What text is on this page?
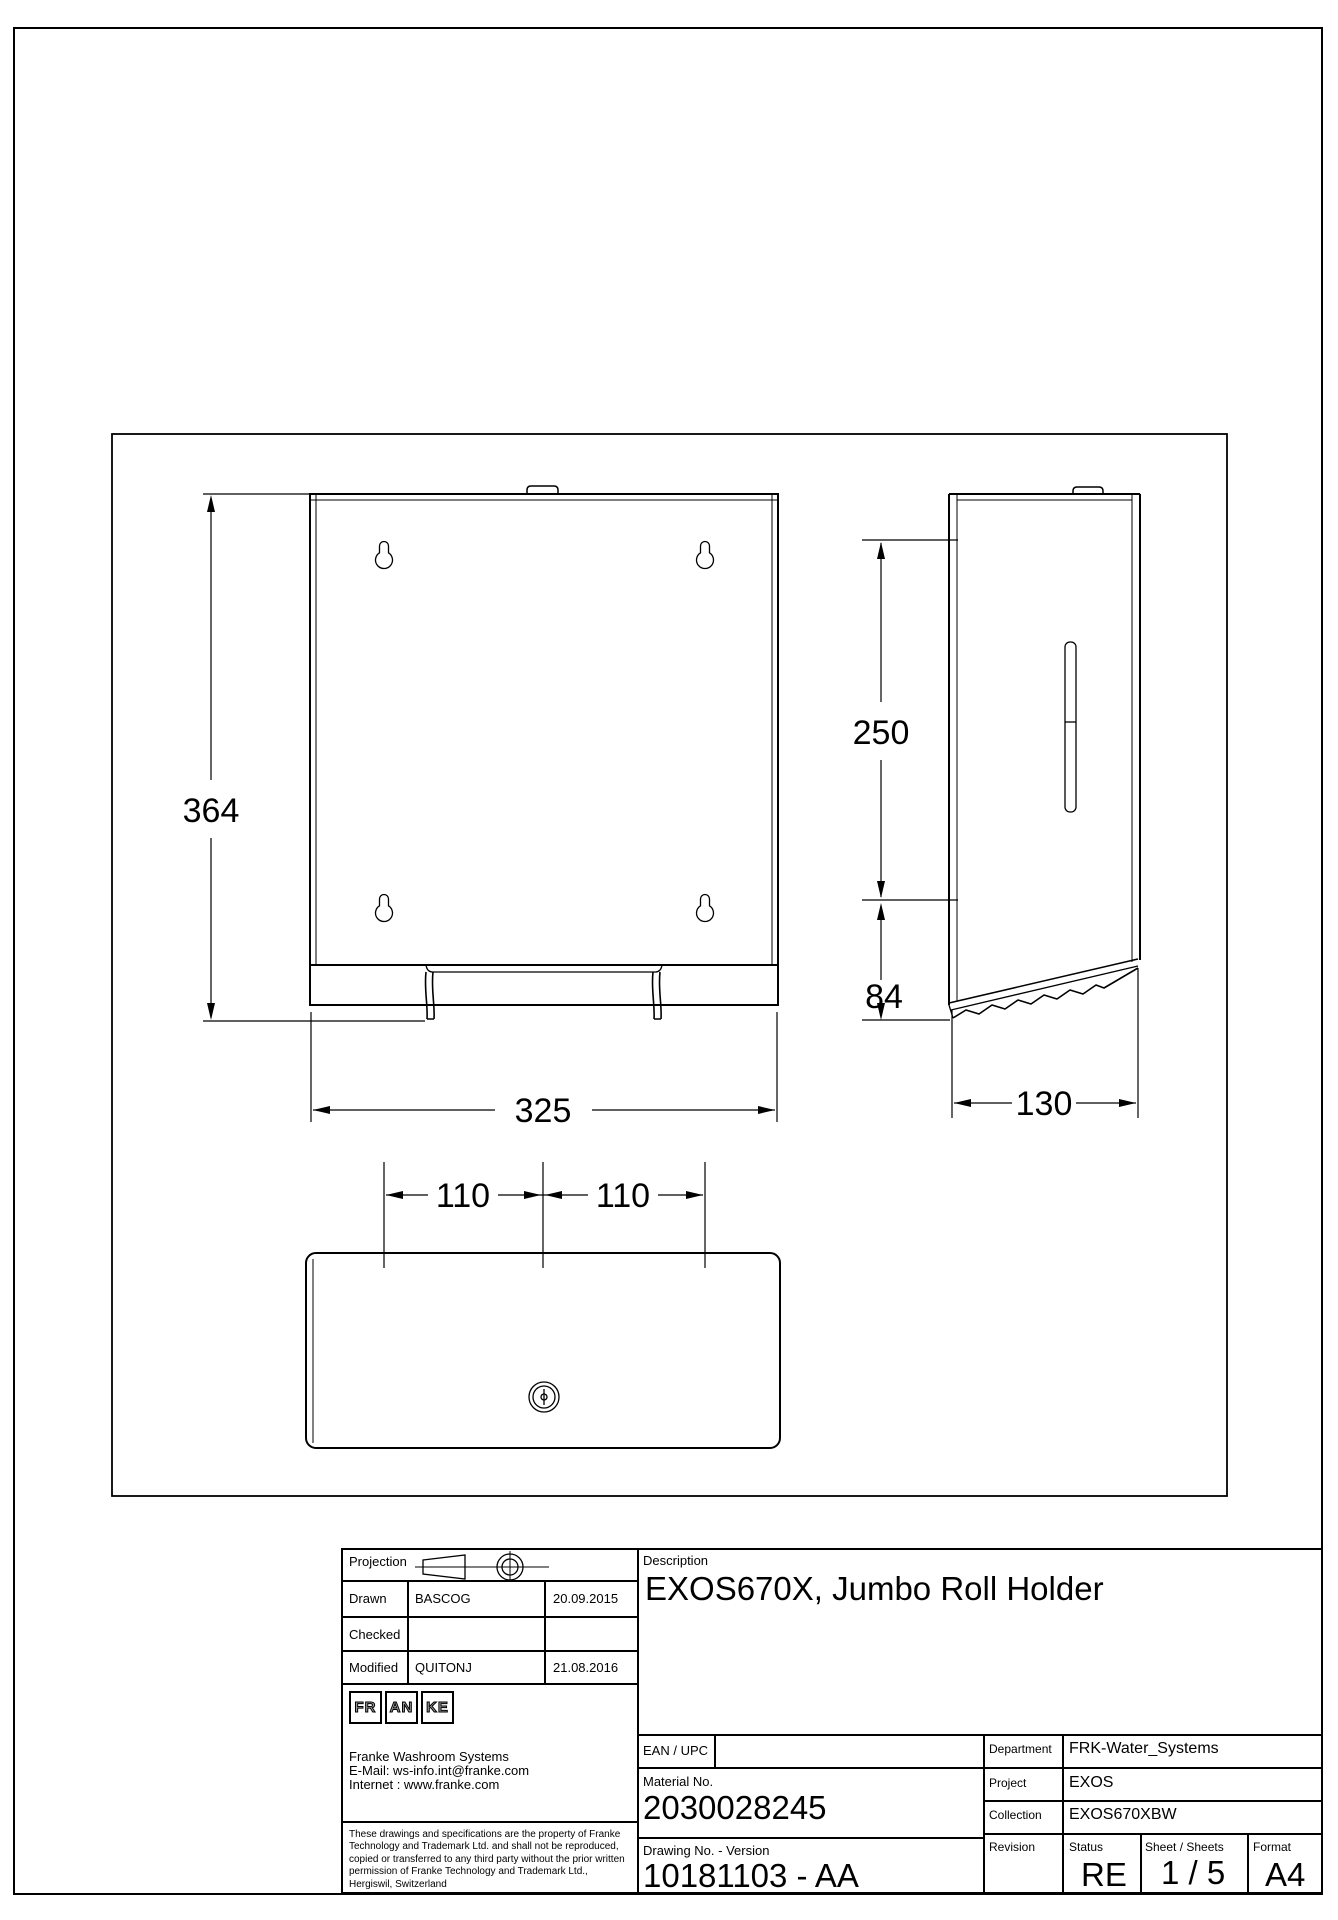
364
325
110	110
250
84
130
Projection
Drawn BASCOG	20.09.2015
Checked
Modified QUITONJ	21.08.2016
FR AN KE
Franke Washroom Systems
E-Mail: ws-info.int@franke.com
Internet : www.franke.com
These drawings and specifications are the property of Franke
Technology and Trademark Ltd. and shall not be reproduced,
copied or transferred to any third party without the prior written
permission of Franke Technology and Trademark Ltd.,
Hergiswil, Switzerland
Description
EXOS670X, Jumbo Roll Holder
EAN / UPC
Material No.
2030028245
Drawing No. - Version
10181103 - AA
Department FRK-Water_Systems
Project	EXOS
Collection EXOS670XBW
Revision	Status
RE
Sheet / Sheets
1 / 5
Format
A4
